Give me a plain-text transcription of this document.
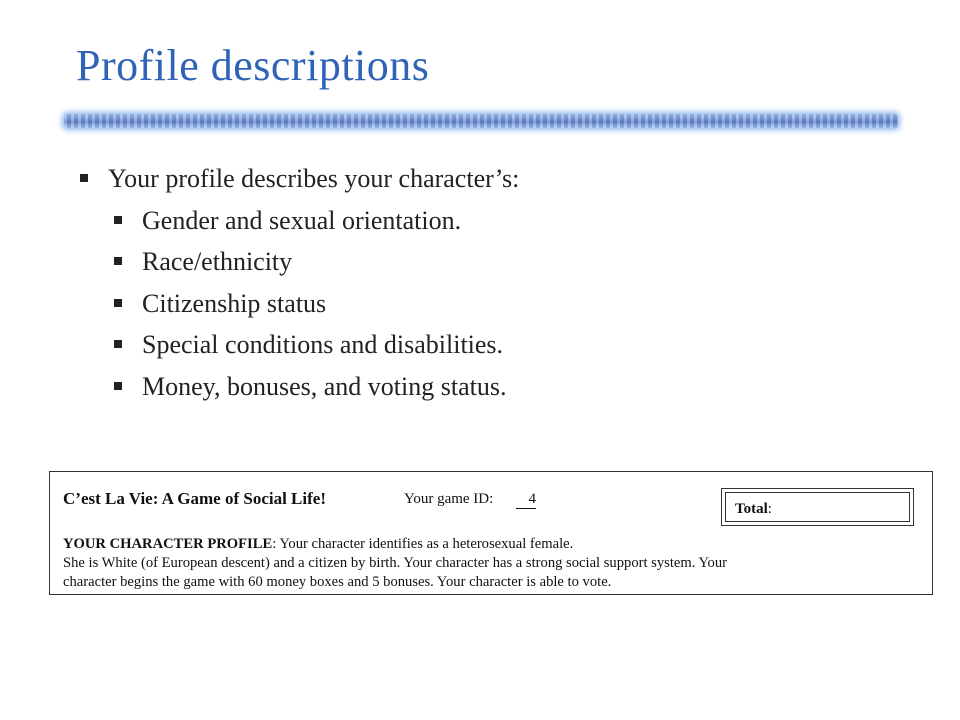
Profile descriptions
Your profile describes your character’s:
Gender and sexual orientation.
Race/ethnicity
Citizenship status
Special conditions and disabilities.
Money, bonuses, and voting status.
C’est La Vie: A Game of Social Life!	Your game ID:	4
Total:
YOUR CHARACTER PROFILE: Your character identifies as a heterosexual female.
She is White (of European descent) and a citizen by birth. Your character has a strong social support system. Your
character begins the game with 60 money boxes and 5 bonuses. Your character is able to vote.
